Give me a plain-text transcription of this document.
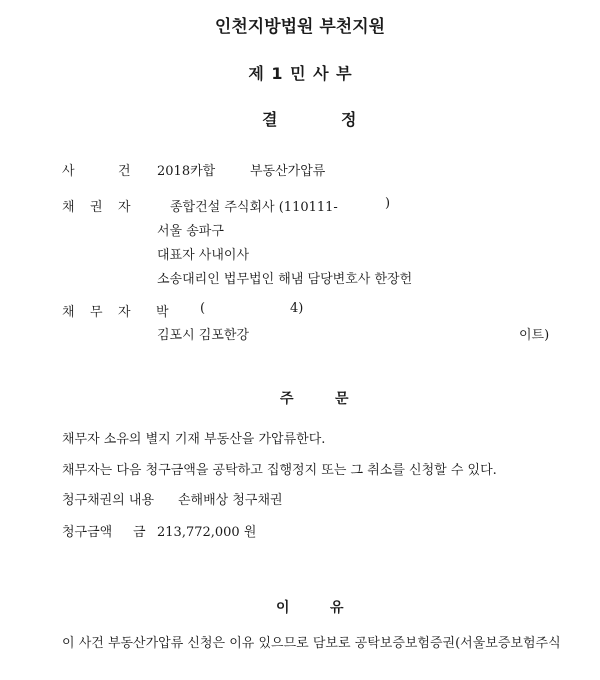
인천지방법원 부천지원
제 1 민 사 부
결	정
사	건 2018카합	부동산가압류
채 권 자	종합건설 주식회사 (110111-	)
서울 송파구
대표자 사내이사
소송대리인 법무법인 해냄 담당변호사 한장헌
채 무 자 박 (	4)
김포시 김포한강	이트)
주	문
채무자 소유의 별지 기재 부동산을 가압류한다.
채무자는 다음 청구금액을 공탁하고 집행정지 또는 그 취소를 신청할 수 있다.
청구채권의 내용 손해배상 청구채권
청구금액 금 213,772,000 원
이	유
이 사건 부동산가압류 신청은 이유 있으므로 담보로 공탁보증보험증권(서울보증보험주식
